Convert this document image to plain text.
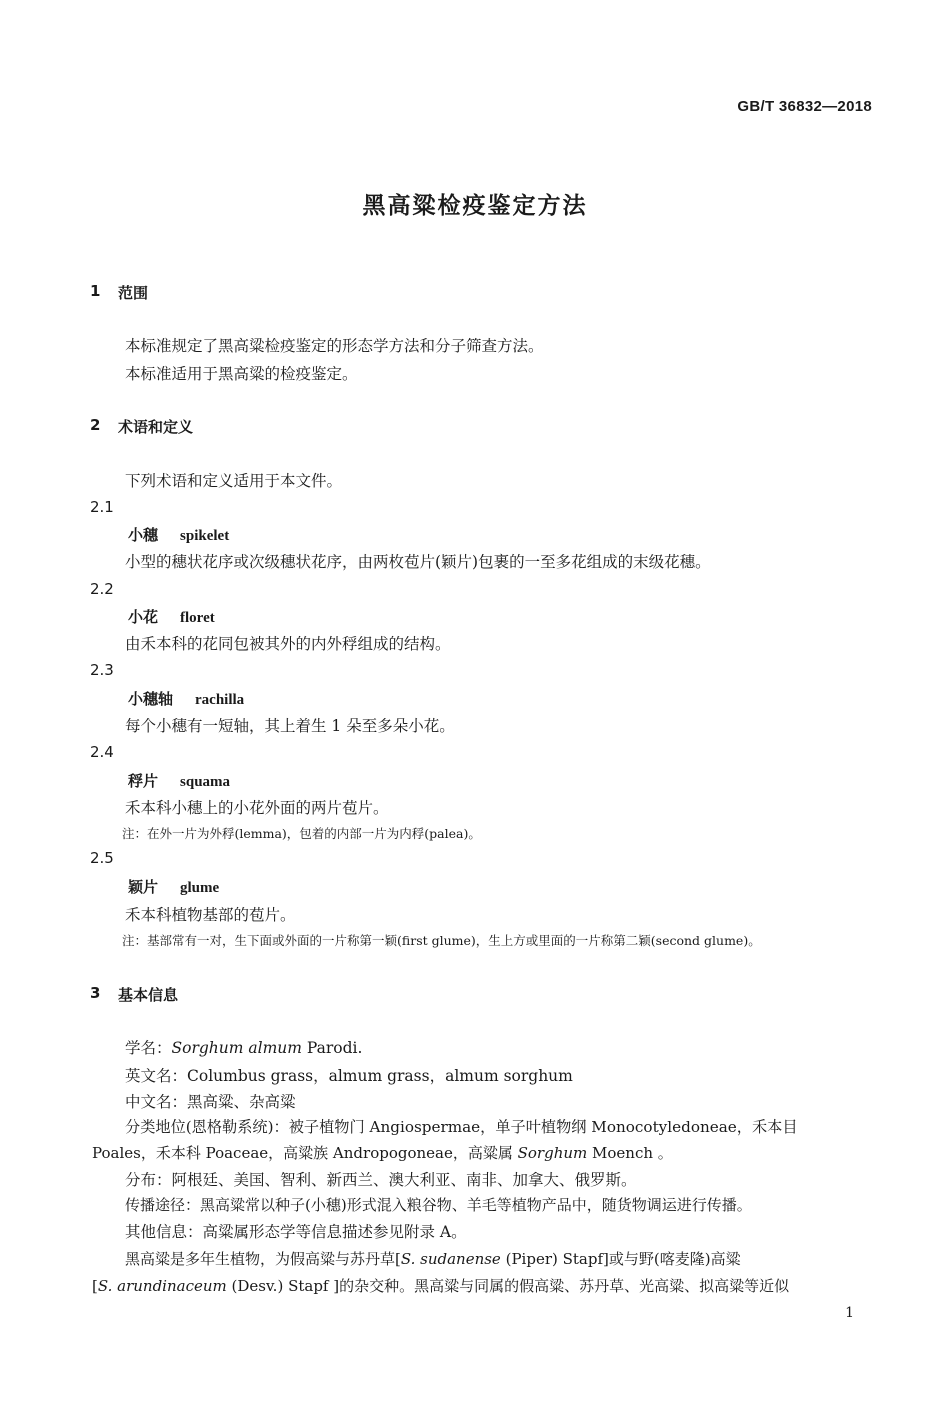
GB/T 36832—2018
黑高粱检疫鉴定方法
1 范围
本标准规定了黑高粱检疫鉴定的形态学方法和分子筛查方法。
本标准适用于黑高粱的检疫鉴定。
2 术语和定义
下列术语和定义适用于本文件。
2.1
小穗 spikelet
小型的穗状花序或次级穗状花序，由两枚苞片(颖片)包裹的一至多花组成的末级花穗。
2.2
小花 floret
由禾本科的花同包被其外的内外稃组成的结构。
2.3
小穗轴 rachilla
每个小穗有一短轴，其上着生 1 朵至多朵小花。
2.4
稃片 squama
禾本科小穗上的小花外面的两片苞片。
注：在外一片为外稃(lemma)，包着的内部一片为内稃(palea)。
2.5
颖片 glume
禾本科植物基部的苞片。
注：基部常有一对，生下面或外面的一片称第一颖(first glume)，生上方或里面的一片称第二颖(second glume)。
3 基本信息
学名：Sorghum almum Parodi.
英文名：Columbus grass，almum grass，almum sorghum
中文名：黑高粱、杂高粱
分类地位(恩格勒系统)：被子植物门 Angiospermae，单子叶植物纲 Monocotyledoneae，禾本目
Poales，禾本科 Poaceae，高粱族 Andropogoneae，高粱属 Sorghum Moench 。
分布：阿根廷、美国、智利、新西兰、澳大利亚、南非、加拿大、俄罗斯。
传播途径：黑高粱常以种子(小穗)形式混入粮谷物、羊毛等植物产品中，随货物调运进行传播。
其他信息：高粱属形态学等信息描述参见附录 A。
黑高粱是多年生植物，为假高粱与苏丹草[S. sudanense (Piper) Stapf]或与野(喀麦隆)高粱
[S. arundinaceum (Desv.) Stapf ]的杂交种。黑高粱与同属的假高粱、苏丹草、光高粱、拟高粱等近似
1
